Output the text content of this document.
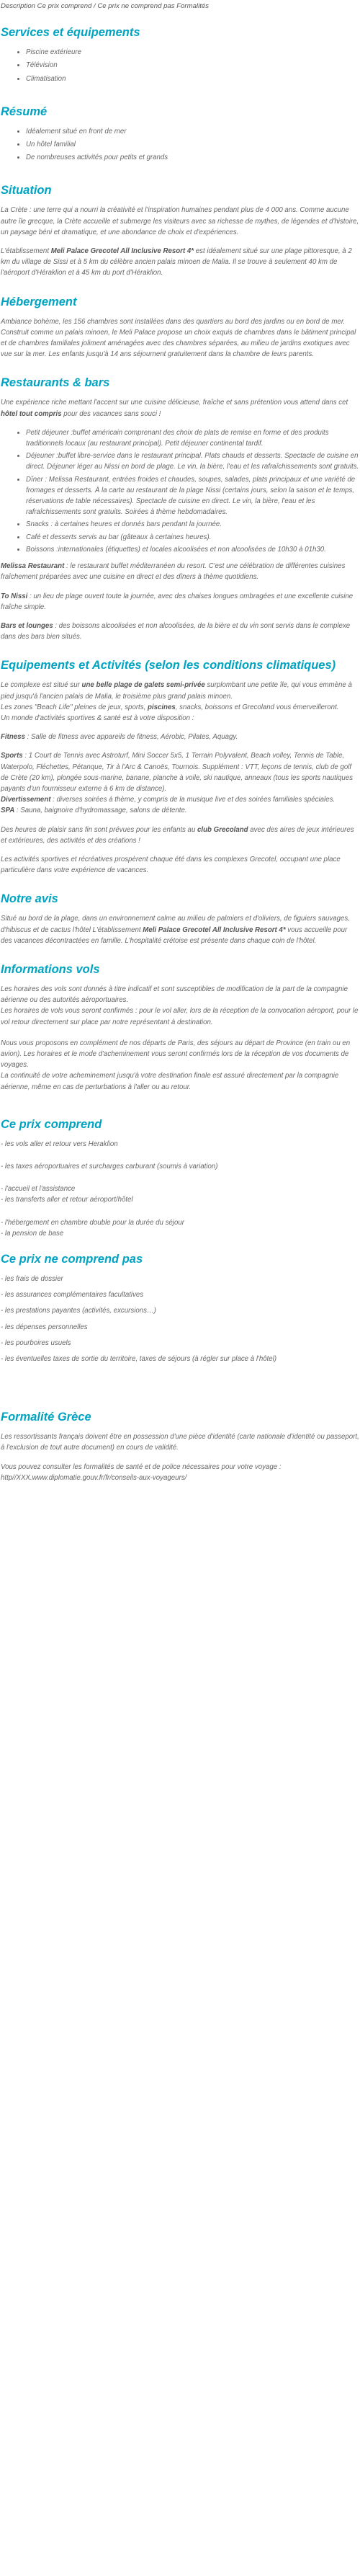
Description Ce prix comprend / Ce prix ne comprend pas Formalités
Services et équipements
• Piscine extérieure
• Télévision
• Climatisation
Résumé
• Idéalement situé en front de mer
• Un hôtel familial
• De nombreuses activités pour petits et grands
Situation

La Crète : une terre qui a nourri la créativité et l'inspiration humaines pendant plus de 4 000 ans. Comme aucune autre île grecque, la Crète accueille et submerge les visiteurs avec sa richesse de mythes, de légendes et d'histoire, un paysage béni et dramatique, et une abondance de choix et d'expériences.

L'établissement Meli Palace Grecotel All Inclusive Resort 4* est idéalement situé sur une plage pittoresque, à 2 km du village de Sissi et à 5 km du célèbre ancien palais minoen de Malia. Il se trouve à seulement 40 km de l'aéroport d'Héraklion et à 45 km du port d'Héraklion.

Hébergement

Ambiance bohème, les 156 chambres sont installées dans des quartiers au bord des jardins ou en bord de mer. Construit comme un palais minoen, le Meli Palace propose un choix exquis de chambres dans le bâtiment principal et de chambres familiales joliment aménagées avec des chambres séparées, au milieu de jardins exotiques avec vue sur la mer. Les enfants jusqu'à 14 ans séjournent gratuitement dans la chambre de leurs parents.

Restaurants & bars

Une expérience riche mettant l'accent sur une cuisine délicieuse, fraîche et sans prétention vous attend dans cet hôtel tout compris pour des vacances sans souci !

• Petit déjeuner :buffet américain comprenant des choix de plats de remise en forme et des produits traditionnels locaux (au restaurant principal). Petit déjeuner continental tardif.
• Déjeuner :buffet libre-service dans le restaurant principal. Plats chauds et desserts. Spectacle de cuisine en direct. Déjeuner léger au Nissi en bord de plage. Le vin, la bière, l'eau et les rafraîchissements sont gratuits.
• Dîner : Melissa Restaurant, entrées froides et chaudes, soupes, salades, plats principaux et une variété de fromages et desserts. À la carte au restaurant de la plage Nissi (certains jours, selon la saison et le temps, réservations de table nécessaires). Spectacle de cuisine en direct. Le vin, la bière, l'eau et les rafraîchissements sont gratuits. Soirées à thème hebdomadaires.
• Snacks : à certaines heures et donnés bars pendant la journée.
• Café et desserts servis au bar (gâteaux à certaines heures).
• Boissons :internationales (étiquettes) et locales alcoolisées et non alcoolisées de 10h30 à 01h30.

Melissa Restaurant : le restaurant buffet méditerranéen du resort. C'est une célébration de différentes cuisines fraîchement préparées avec une cuisine en direct et des dîners à thème quotidiens.

To Nissi : un lieu de plage ouvert toute la journée, avec des chaises longues ombragées et une excellente cuisine fraîche simple.

Bars et lounges : des boissons alcoolisées et non alcoolisées, de la bière et du vin sont servis dans le complexe dans des bars bien situés.

Equipements et Activités (selon les conditions climatiques)

Le complexe est situé sur une belle plage de galets semi-privée surplombant une petite île, qui vous emmène à pied jusqu'à l'ancien palais de Malia, le troisième plus grand palais minoen.
Les zones "Beach Life" pleines de jeux, sports, piscines, snacks, boissons et Grecoland vous émerveilleront.
Un monde d'activités sportives & santé est à votre disposition :

Fitness : Salle de fitness avec appareils de fitness, Aérobic, Pilates, Aquagy.

Sports : 1 Court de Tennis avec Astroturf, Mini Soccer 5x5, 1 Terrain Polyvalent, Beach volley, Tennis de Table, Waterpolo, Fléchettes, Pétanque, Tir à l'Arc & Canoës, Tournois. Supplément : VTT, leçons de tennis, club de golf de Crète (20 km), plongée sous-marine, banane, planche à voile, ski nautique, anneaux (tous les sports nautiques payants d'un fournisseur externe à 6 km de distance).

Divertissement : diverses soirées à thème, y compris de la musique live et des soirées familiales spéciales.

SPA : Sauna, baignoire d'hydromassage, salons de détente.

Des heures de plaisir sans fin sont prévues pour les enfants au club Grecoland avec des aires de jeux intérieures et extérieures, des activités et des créations !

Les activités sportives et récréatives prospèrent chaque été dans les complexes Grecotel, occupant une place particulière dans votre expérience de vacances.

Notre avis

Situé au bord de la plage, dans un environnement calme au milieu de palmiers et d'oliviers, de figuiers sauvages, d'hibiscus et de cactus l'hôtel L'établissement Meli Palace Grecotel All Inclusive Resort 4* vous accueille pour des vacances décontractées en famille. L'hospitalité crétoise est présente dans chaque coin de l'hôtel.

Informations vols

Les horaires des vols sont donnés à titre indicatif et sont susceptibles de modification de la part de la compagnie aérienne ou des autorités aéroportuaires.

Les horaires de vols vous seront confirmés : pour le vol aller, lors de la réception de la convocation aéroport, pour le vol retour directement sur place par notre représentant à destination.

Nous vous proposons en complément de nos départs de Paris, des séjours au départ de Province (en train ou en avion). Les horaires et le mode d'acheminement vous seront confirmés lors de la réception de vos documents de voyages.

La continuité de votre acheminement jusqu'à votre destination finale est assuré directement par la compagnie aérienne, même en cas de perturbations à l'aller ou au retour.

Ce prix comprend

- les vols aller et retour vers Heraklion

- les taxes aéroportuaires et surcharges carburant (soumis à variation)

- l'accueil et l'assistance

- les transferts aller et retour aéroport/hôtel

- l'hébergement en chambre double pour la durée du séjour

- la pension de base

Ce prix ne comprend pas

- les frais de dossier

- les assurances complémentaires facultatives

- les prestations payantes (activités, excursions…)

- les dépenses personnelles

- les pourboires usuels

- les éventuelles taxes de sortie du territoire, taxes de séjours (à régler sur place à l'hôtel)

Formalité Grèce

Les ressortissants français doivent être en possession d'une pièce d'identité (carte nationale d'identité ou passeport, à l'exclusion de tout autre document) en cours de validité.

Vous pouvez consulter les formalités de santé et de police nécessaires pour votre voyage : http//XXX.www.diplomatie.gouv.fr/fr/conseils-aux-voyageurs/
